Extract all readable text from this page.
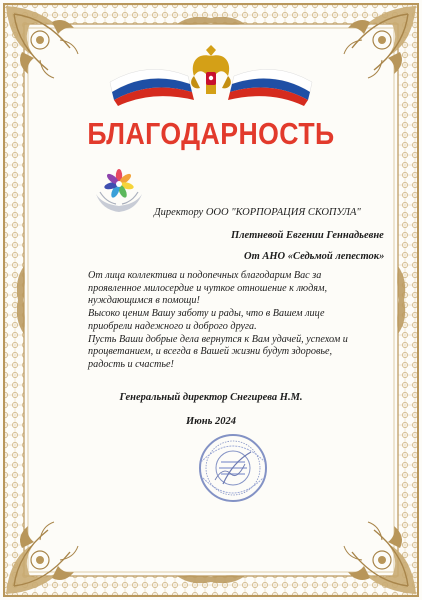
БЛАГОДАРНОСТЬ
Директору ООО "КОРПОРАЦИЯ СКОПУЛА"
Плетневой Евгении Геннадьевне
От АНО «Седьмой лепесток»

От лица коллектива и подопечных благодарим Вас за проявленное милосердие и чуткое отношение к людям, нуждающимся в помощи!

Высоко ценим Вашу заботу и рады, что в Вашем лице приобрели надежного и доброго друга.

Пусть Ваши добрые дела вернутся к Вам удачей, успехом и процветанием, и всегда в Вашей жизни будут здоровье, радость и счастье!

Генеральный директор Снегирева Н.М.
Июнь 2024
